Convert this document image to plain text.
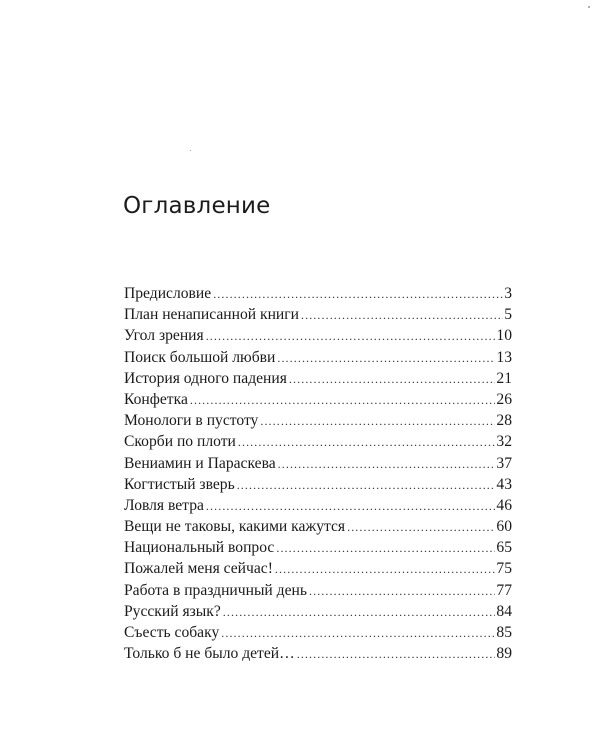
Оглавление
Предисловие .....	3
План ненаписанной книги .....	5
Угол зрения .....	10
Поиск большой любви .....	13
История одного падения .....	21
Конфетка .....	26
Монологи в пустоту .....	28
Скорби по плоти .....	32
Вениамин и Параскева .....	37
Когтистый зверь .....	43
Ловля ветра .....	46
Вещи не таковы, какими кажутся .....	60
Национальный вопрос .....	65
Пожалей меня сейчас! .....	75
Работа в праздничный день .....	77
Русский язык? .....	84
Съесть собаку .....	85
Только б не было детей… .....	89
